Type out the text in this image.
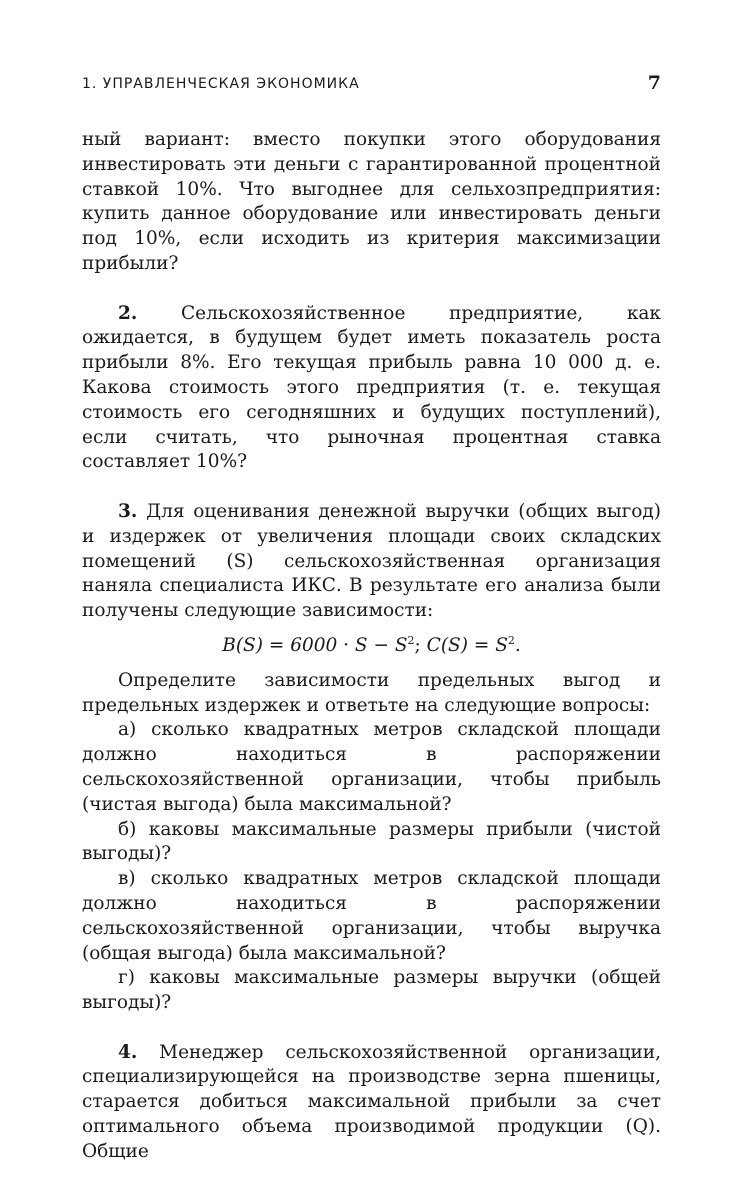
1. УПРАВЛЕНЧЕСКАЯ ЭКОНОМИКА	7

ный вариант: вместо покупки этого оборудования инвестировать эти деньги с гарантированной процентной ставкой 10%. Что выгоднее для сельхозпредприятия: купить данное оборудование или инвестировать деньги под 10%, если исходить из критерия максимизации прибыли?

2. Сельскохозяйственное предприятие, как ожидается, в будущем будет иметь показатель роста прибыли 8%. Его текущая прибыль равна 10 000 д. е. Какова стоимость этого предприятия (т. е. текущая стоимость его сегодняшних и будущих поступлений), если считать, что рыночная процентная ставка составляет 10%?

3. Для оценивания денежной выручки (общих выгод) и издержек от увеличения площади своих складских помещений (S) сельскохозяйственная организация наняла специалиста ИКС. В результате его анализа были получены следующие зависимости:

$B(S) = 6000 \cdot S - S^2$; $C(S) = S^2$.

Определите зависимости предельных выгод и предельных издержек и ответьте на следующие вопросы:

а) сколько квадратных метров складской площади должно находиться в распоряжении сельскохозяйственной организации, чтобы прибыль (чистая выгода) была максимальной?

б) каковы максимальные размеры прибыли (чистой выгоды)?

в) сколько квадратных метров складской площади должно находиться в распоряжении сельскохозяйственной организации, чтобы выручка (общая выгода) была максимальной?

г) каковы максимальные размеры выручки (общей выгоды)?

4. Менеджер сельскохозяйственной организации, специализирующейся на производстве зерна пшеницы, старается добиться максимальной прибыли за счет оптимального объема производимой продукции (Q). Общие
